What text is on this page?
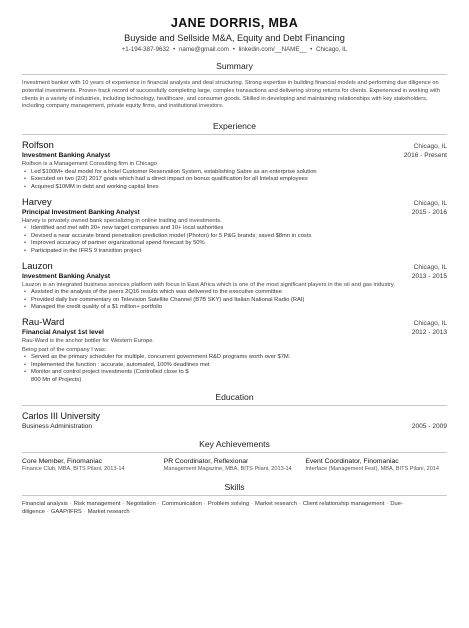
JANE DORRIS, MBA
Buyside and Sellside M&A, Equity and Debt Financing
+1-194-387-9632 • name@gmail.com • linkedin.com/__NAME__ • Chicago, IL
Summary
Investment banker with 10 years of experience in financial analysis and deal structuring. Strong expertise in building financial models and performing due diligence on potential investments. Proven track record of successfully completing large, complex transactions and delivering strong returns for clients. Experienced in working with clients in a variety of industries, including technology, healthcare, and consumer goods. Skilled in developing and maintaining relationships with key stakeholders, including company management, private equity firms, and institutional investors.
Experience
Rolfson	Chicago, IL
Investment Banking Analyst	2016 - Present
Rolfson is a Management Consulting firm in Chicago
• Led $100M+ deal model for a hotel Customer Reservation System, establishing Sabre as an enterprise solution
• Executed on two (2/2) 2017 goals which had a direct impact on bonus qualification for all Intelsat employees
• Acquired $10MM in debt and working capital lines
Harvey	Chicago, IL
Principal Investment Banking Analyst	2015 - 2016
Harvey is privately owned bank specializing in online trading and investments.
• Identified and met with 20+ new target companies and 10+ local authorities
• Devised a near accurate brand penetration prediction model (Photon) for 5 P&G brands; saved $8mn in costs
• Improved accuracy of partner organizational spend forecast by 50%
• Participated in the IFRS 9 transition project
Lauzon	Chicago, IL
Investment Banking Analyst	2013 - 2015
Lauzon is an integrated business services platform with focus in East Africa which is one of the most significant players in the oil and gas industry.
• Assisted in the analysis of the peers 2Q16 results which was delivered to the executive committee
• Provided daily live commentary on Television Satellite Channel (B7B SKY) and Italian National Radio (RAI)
• Managed the credit quality of a $1 million+ portfolio
Rau-Ward	Chicago, IL
Financial Analyst 1st level	2012 - 2013
Rau-Ward is the anchor bottler for Western Europe.
Being part of the company I was:
• Served as the primary scheduler for multiple, concurrent government R&D programs worth over $7M.
• Implemented the function : accurate, automated, 100% deadlines met
• Monitor and control project investments (Controlled close to $
800 Mn of Projects)
Education
Carlos III University
Business Administration	2005 - 2009
Key Achievements
Core Member, Finomaniac
Finance Club, MBA, BITS Pilani, 2013-14
PR Coordinator, Reflexionar
Management Magazine, MBA, BITS Pilani, 2013-14
Event Coordinator, Finomaniac
Interface (Management Fest), MBA, BITS Pilani, 2014
Skills
Financial analysis · Risk management · Negotiation · Communication · Problem solving · Market research · Client relationship management · Due-diligence · GAAP/IFRS · Market research
